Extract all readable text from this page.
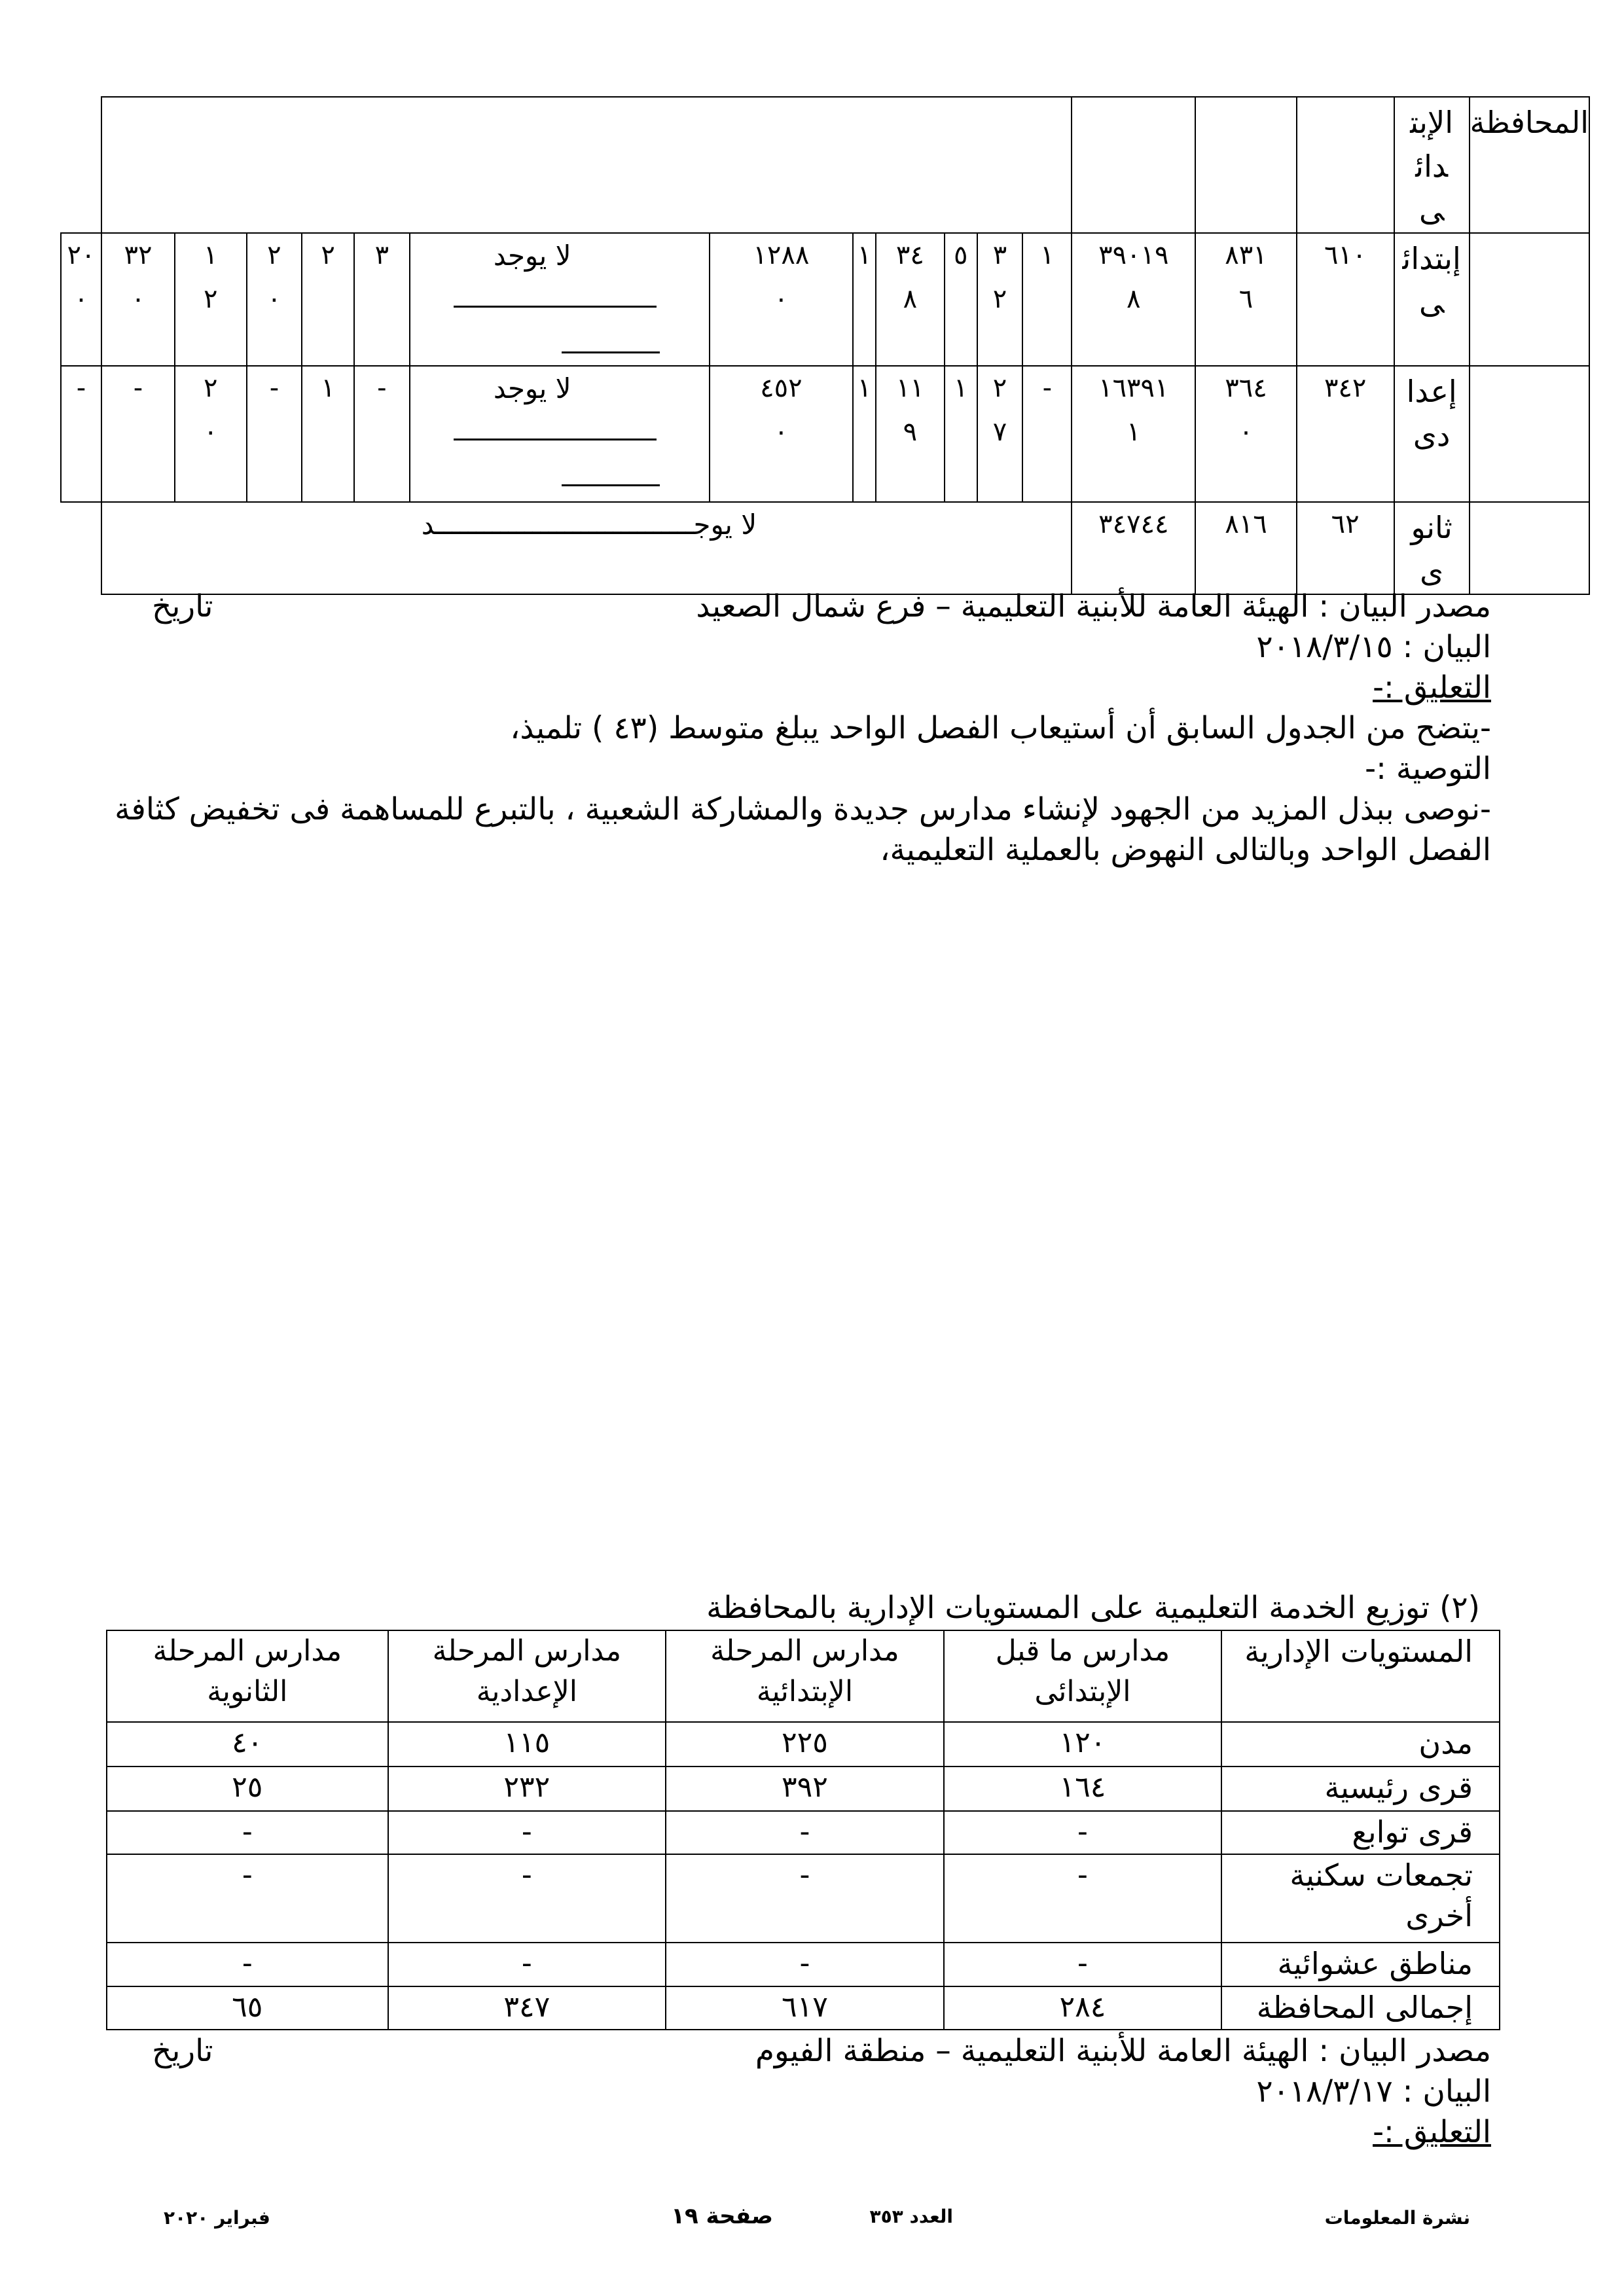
المحافظة	الإبتدائى																

	إبتدائى	٦١٠	٨٣١٦	٣٩٠١٩٨	١	٣٢	٥	٣٤٨	١	١٢٨٨٠	لا يوجد	٣	٢	٢٠	١٢	٣٢٠	٢٠٠

	إعدادى	٣٤٢	٣٦٤٠	١٦٣٩١١	-	٢٧	١	١١٩	١	٤٥٢٠	لا يوجد	-	١	-	٢٠	-	-

	ثانوى	٦٢	٨١٦	٣٤٧٤٤	لا يوجــــــــــــــــــــــــــــــــد												
مصدر البيان : الهيئة العامة للأبنية التعليمية – فرع شمال الصعيد
تاريخ
البيان : ٢٠١٨/٣/١٥
التعليق :-
-يتضح من الجدول السابق أن أستيعاب الفصل الواحد يبلغ متوسط (٤٣ ) تلميذ،
التوصية :-
-نوصى ببذل المزيد من الجهود لإنشاء مدارس جديدة والمشاركة الشعبية ، بالتبرع للمساهمة فى تخفيض كثافة
الفصل الواحد وبالتالى النهوض بالعملية التعليمية،
(٢) توزيع الخدمة التعليمية على المستويات الإدارية بالمحافظة
المستويات الإدارية	مدارس ما قبل الإبتدائى	مدارس المرحلة الإبتدائية	مدارس المرحلة الإعدادية	مدارس المرحلة الثانوية

مدن	١٢٠	٢٢٥	١١٥	٤٠
قرى رئيسية	١٦٤	٣٩٢	٢٣٢	٢٥
قرى توابع	-	-	-	-

تجمعات سكنية أخرى	-	-	-	-
مناطق عشوائية	-	-	-	-
إجمالى المحافظة	٢٨٤	٦١٧	٣٤٧	٦٥
مصدر البيان : الهيئة العامة للأبنية التعليمية – منطقة الفيوم
تاريخ
البيان : ٢٠١٨/٣/١٧
التعليق :-
نشرة المعلومات
العدد ٣٥٣
صفحة ١٩
فبراير ٢٠٢٠
